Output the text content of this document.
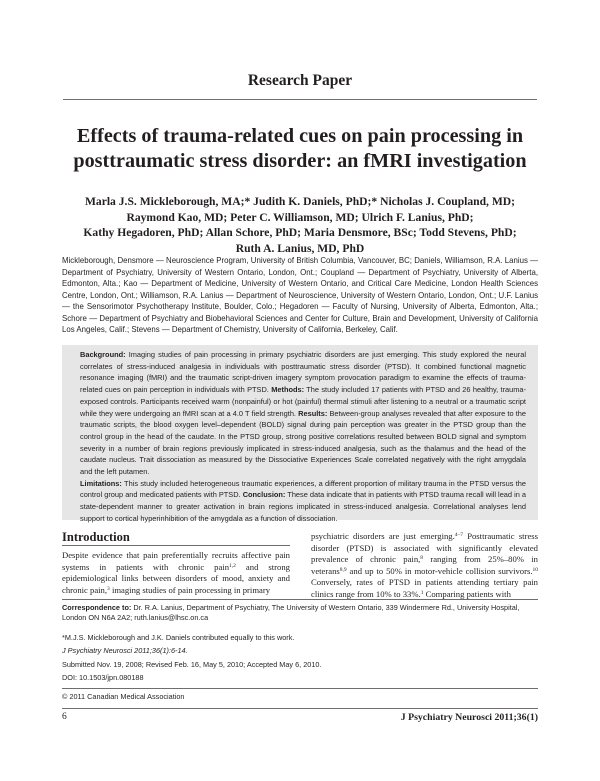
Research Paper
Effects of trauma-related cues on pain processing in
posttraumatic stress disorder: an fMRI investigation
Marla J.S. Mickleborough, MA;* Judith K. Daniels, PhD;* Nicholas J. Coupland, MD;
Raymond Kao, MD; Peter C. Williamson, MD; Ulrich F. Lanius, PhD;
Kathy Hegadoren, PhD; Allan Schore, PhD; Maria Densmore, BSc; Todd Stevens, PhD;
Ruth A. Lanius, MD, PhD
Mickleborough, Densmore — Neuroscience Program, University of British Columbia, Vancouver, BC; Daniels, Williamson, R.A. Lanius — Department of Psychiatry, University of Western Ontario, London, Ont.; Coupland — Department of Psychiatry, University of Alberta, Edmonton, Alta.; Kao — Department of Medicine, University of Western Ontario, and Critical Care Medicine, London Health Sciences Centre, London, Ont.; Williamson, R.A. Lanius — Department of Neuroscience, University of Western Ontario, London, Ont.; U.F. Lanius — the Sensorimotor Psychotherapy Institute, Boulder, Colo.; Hegadoren — Faculty of Nursing, University of Alberta, Edmonton, Alta.; Schore — Department of Psychiatry and Biobehavioral Sciences and Center for Culture, Brain and Development, University of California Los Angeles, Calif.; Stevens — Department of Chemistry, University of California, Berkeley, Calif.
Background: Imaging studies of pain processing in primary psychiatric disorders are just emerging. This study explored the neural correlates of stress-induced analgesia in individuals with posttraumatic stress disorder (PTSD). It combined functional magnetic resonance imaging (fMRI) and the traumatic script-driven imagery symptom provocation paradigm to examine the effects of trauma-related cues on pain perception in individuals with PTSD. Methods: The study included 17 patients with PTSD and 26 healthy, trauma-exposed controls. Participants received warm (nonpainful) or hot (painful) thermal stimuli after listening to a neutral or a traumatic script while they were undergoing an fMRI scan at a 4.0 T field strength. Results: Between-group analyses revealed that after exposure to the traumatic scripts, the blood oxygen level–dependent (BOLD) signal during pain perception was greater in the PTSD group than the control group in the head of the caudate. In the PTSD group, strong positive correlations resulted between BOLD signal and symptom severity in a number of brain regions previously implicated in stress-induced analgesia, such as the thalamus and the head of the caudate nucleus. Trait dissociation as measured by the Dissociative Experiences Scale correlated negatively with the right amygdala and the left putamen.
Limitations: This study included heterogeneous traumatic experiences, a different proportion of military trauma in the PTSD versus the control group and medicated patients with PTSD. Conclusion: These data indicate that in patients with PTSD trauma recall will lead in a state-dependent manner to greater activation in brain regions implicated in stress-induced analgesia. Correlational analyses lend support to cortical hyperinhibition of the amygdala as a function of dissociation.
Introduction
Despite evidence that pain preferentially recruits affective pain systems in patients with chronic pain$^{1,2}$ and strong epidemiological links between disorders of mood, anxiety and chronic pain,$^3$ imaging studies of pain processing in primary
psychiatric disorders are just emerging.$^{4-7}$ Posttraumatic stress disorder (PTSD) is associated with significantly elevated prevalence of chronic pain,$^8$ ranging from 25%–80% in veterans$^{8,9}$ and up to 50% in motor-vehicle collision survivors.$^{10}$ Conversely, rates of PTSD in patients attending tertiary pain clinics range from 10% to 33%.$^1$ Comparing patients with
Correspondence to: Dr. R.A. Lanius, Department of Psychiatry, The University of Western Ontario, 339 Windermere Rd., University Hospital, London ON N6A 2A2; ruth.lanius@lhsc.on.ca
*M.J.S. Mickleborough and J.K. Daniels contributed equally to this work.
J Psychiatry Neurosci 2011;36(1):6-14.
Submitted Nov. 19, 2008; Revised Feb. 16, May 5, 2010; Accepted May 6, 2010.
DOI: 10.1503/jpn.080188
© 2011 Canadian Medical Association
6	J Psychiatry Neurosci 2011;36(1)
